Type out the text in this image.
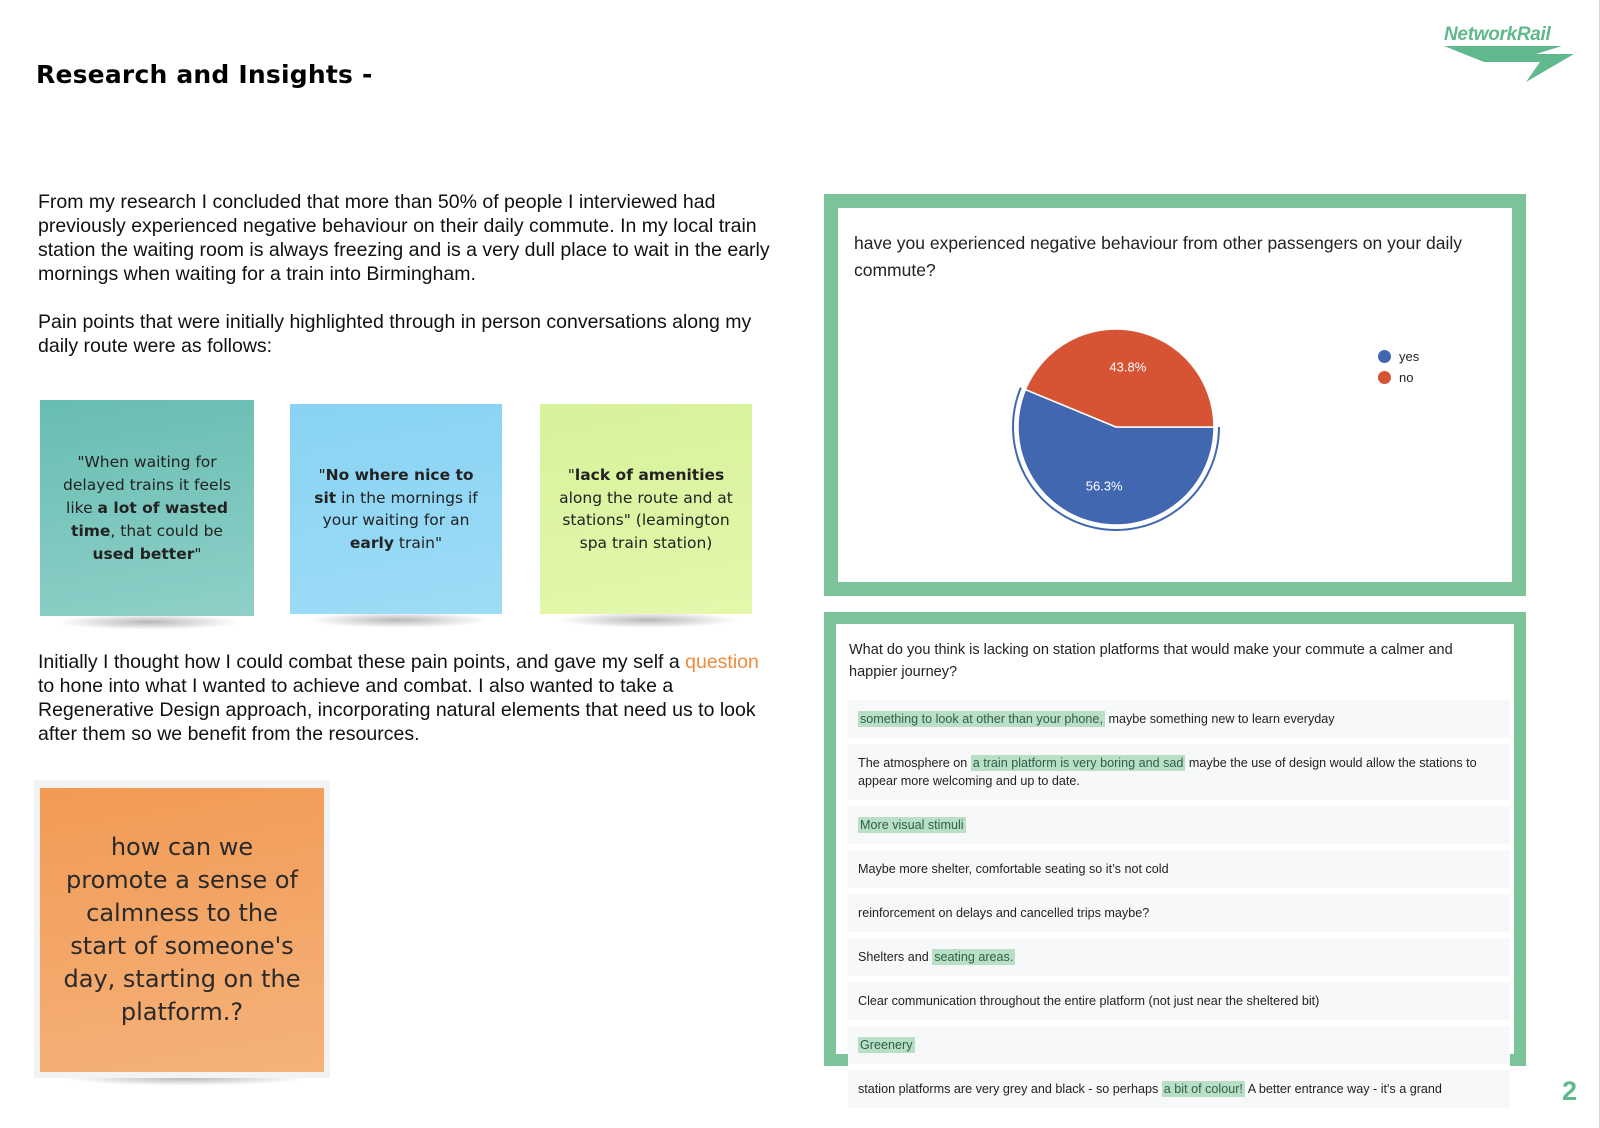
NetworkRail
Research and Insights -

From my research I concluded that more than 50% of people I interviewed had previously experienced negative behaviour on their daily commute. In my local train station the waiting room is always freezing and is a very dull place to wait in the early mornings when waiting for a train into Birmingham.

Pain points that were initially highlighted through in person conversations along my daily route were as follows:

"When waiting for delayed trains it feels like a lot of wasted time, that could be used better"
"No where nice to sit in the mornings if your waiting for an early train"
"lack of amenities along the route and at stations" (leamington spa train station)

Initially I thought how I could combat these pain points, and gave my self a question to hone into what I wanted to achieve and combat. I also wanted to take a Regenerative Design approach, incorporating natural elements that need us to look after them so we benefit from the resources.

how can we promote a sense of calmness to the start of someone's day, starting on the platform.?

have you experienced negative behaviour from other passengers on your daily commute?

56.3%
43.8%
yes
no

What do you think is lacking on station platforms that would make your commute a calmer and happier journey?

something to look at other than your phone, maybe something new to learn everyday
The atmosphere on a train platform is very boring and sad maybe the use of design would allow the stations to appear more welcoming and up to date.
More visual stimuli
Maybe more shelter, comfortable seating so it’s not cold
reinforcement on delays and cancelled trips maybe?
Shelters and seating areas.
Clear communication throughout the entire platform (not just near the sheltered bit)
Greenery
station platforms are very grey and black - so perhaps a bit of colour! A better entrance way - it's a grand	2
